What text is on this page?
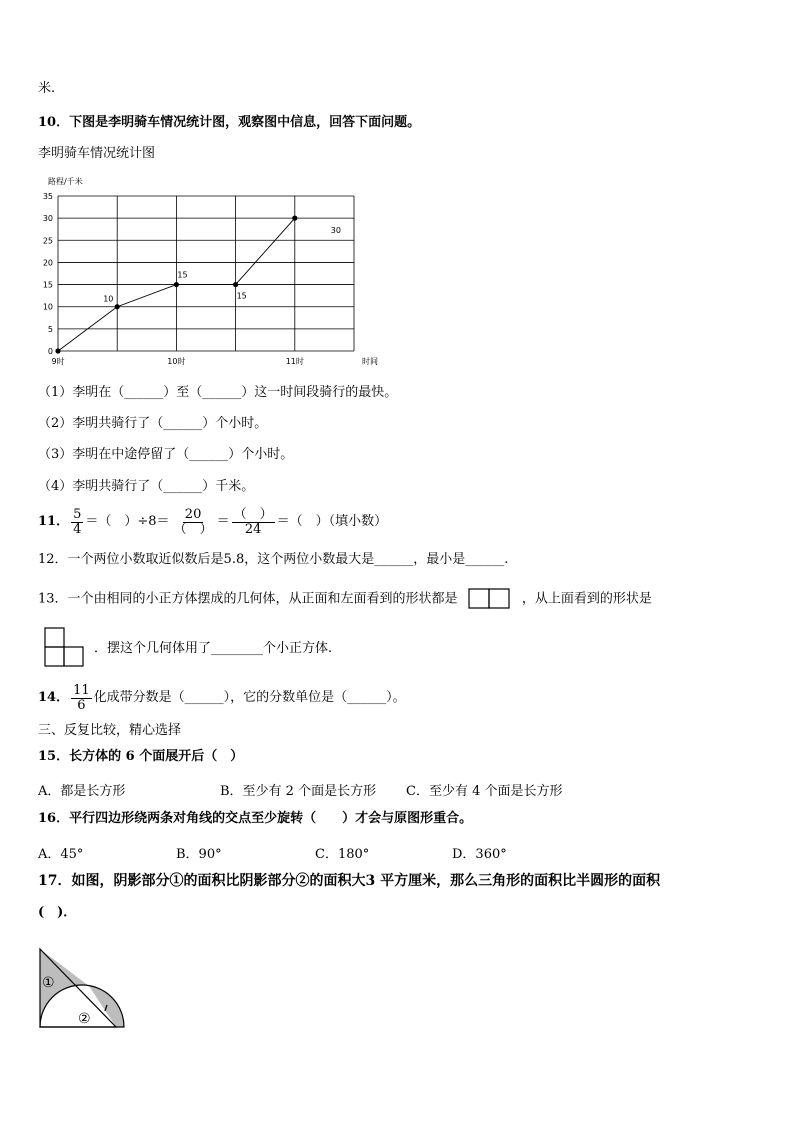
米.
10．下图是李明骑车情况统计图，观察图中信息，回答下面问题。
李明骑车情况统计图
0
5
10
15
20
25
30
35
9时	10时	11时
路程/千米
时间
10
15
15
30
（1）李明在（______）至（______）这一时间段骑行的最快。
（2）李明共骑行了（______）个小时。
（3）李明在中途停留了（______）个小时。
（4）李明共骑行了（______）千米。
11． $\frac{5}{4}$ ＝ （　）$\div 8= \frac{20}{( )} = \frac{( )}{24}$ ＝ （　）（填小数）
12．一个两位小数取近似数后是5.8，这个两位小数最大是______，最小是______.
13．一个由相同的小正方体摆成的几何体，从正面和左面看到的形状都是	，从上面看到的形状是
．摆这个几何体用了________个小正方体.
14． $\frac{11}{6}$ 化成带分数是（______），它的分数单位是（______）。
三、反复比较，精心选择
15．长方体的 6 个面展开后（　）
A．都是长方形	B．至少有 2 个面是长方形 C．至少有 4 个面是长方形
16．平行四边形绕两条对角线的交点至少旋转（　　）才会与原图形重合。
A．45°	B．90°	C．180°	D．360°
17．如图，阴影部分①的面积比阴影部分②的面积大3 平方厘米，那么三角形的面积比半圆形的面积
(　)．
①
②
